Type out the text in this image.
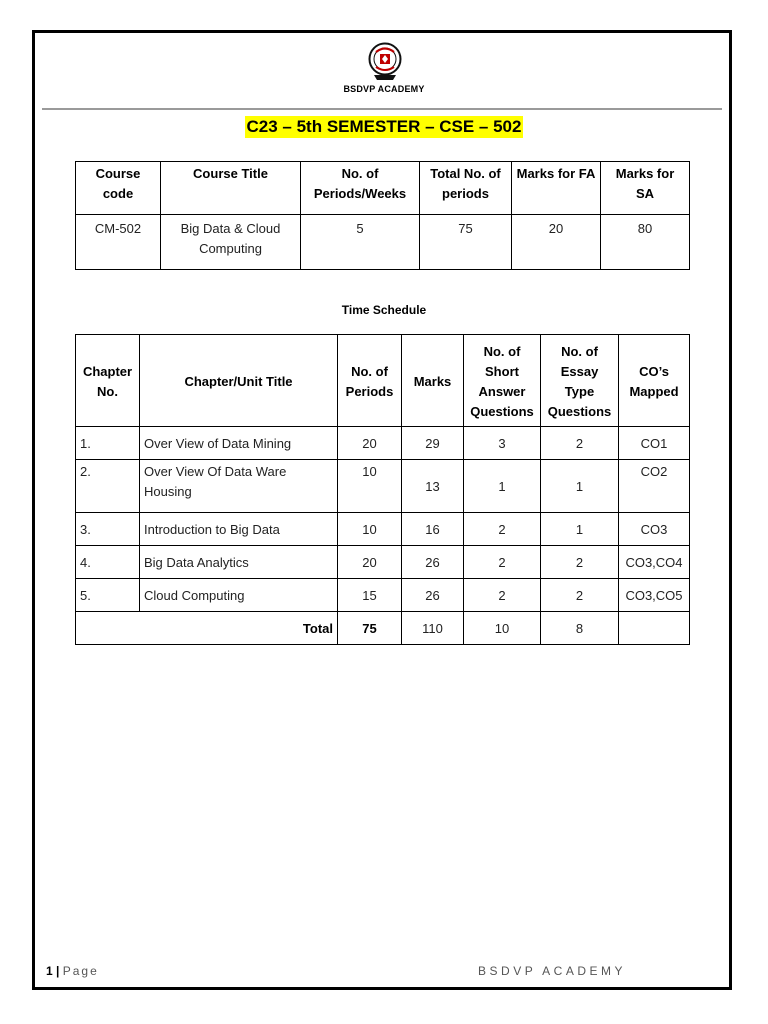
BSDVP ACADEMY
C23 – 5th SEMESTER – CSE – 502
Course code	Course Title	No. of Periods/Weeks	Total No. of periods	Marks for FA	Marks for SA
CM-502	Big Data & Cloud Computing	5	75	20	80
Time Schedule
Chapter No.	Chapter/Unit Title	No. of Periods	Marks	No. of Short Answer Questions	No. of Essay Type Questions	CO’s Mapped
1.	Over View of Data Mining	20	29	3	2	CO1
2.	Over View Of Data Ware Housing	10	13	1	1	CO2
3.	Introduction to Big Data	10	16	2	1	CO3
4.	Big Data Analytics	20	26	2	2	CO3,CO4
5.	Cloud Computing	15	26	2	2	CO3,CO5
Total		75	110	10	8	
1 | Page	BSDVP ACADEMY
